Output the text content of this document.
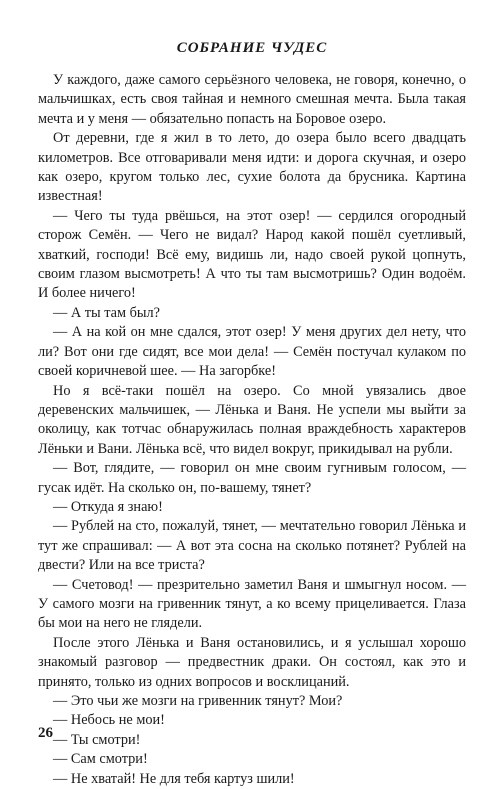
СОБРАНИЕ ЧУДЕС

У каждого, даже самого серьёзного человека, не говоря, конечно, о мальчишках, есть своя тайная и немного смешная мечта. Была такая мечта и у меня — обязательно попасть на Боровое озеро.

От деревни, где я жил в то лето, до озера было всего двадцать километров. Все отговаривали меня идти: и дорога скучная, и озеро как озеро, кругом только лес, сухие болота да брусника. Картина известная!

— Чего ты туда рвёшься, на этот озер! — сердился огородный сторож Семён. — Чего не видал? Народ какой пошёл суетливый, хваткий, господи! Всё ему, видишь ли, надо своей рукой цопнуть, своим глазом высмотреть! А что ты там высмотришь? Один водоём. И более ничего!

— А ты там был?

— А на кой он мне сдался, этот озер! У меня других дел нету, что ли? Вот они где сидят, все мои дела! — Семён постучал кулаком по своей коричневой шее. — На загорбке!

Но я всё-таки пошёл на озеро. Со мной увязались двое деревенских мальчишек, — Лёнька и Ваня. Не успели мы выйти за околицу, как тотчас обнаружилась полная враждебность характеров Лёньки и Вани. Лёнька всё, что видел вокруг, прикидывал на рубли.

— Вот, глядите, — говорил он мне своим гугнивым голосом, — гусак идёт. На сколько он, по-вашему, тянет?

— Откуда я знаю!

— Рублей на сто, пожалуй, тянет, — мечтательно говорил Лёнька и тут же спрашивал: — А вот эта сосна на сколько потянет? Рублей на двести? Или на все триста?

— Счетовод! — презрительно заметил Ваня и шмыгнул носом. — У самого мозги на гривенник тянут, а ко всему прицеливается. Глаза бы мои на него не глядели.

После этого Лёнька и Ваня остановились, и я услышал хорошо знакомый разговор — предвестник драки. Он состоял, как это и принято, только из одних вопросов и восклицаний.

— Это чьи же мозги на гривенник тянут? Мои?

— Небось не мои!

— Ты смотри!

— Сам смотри!

— Не хватай! Не для тебя картуз шили!

26
